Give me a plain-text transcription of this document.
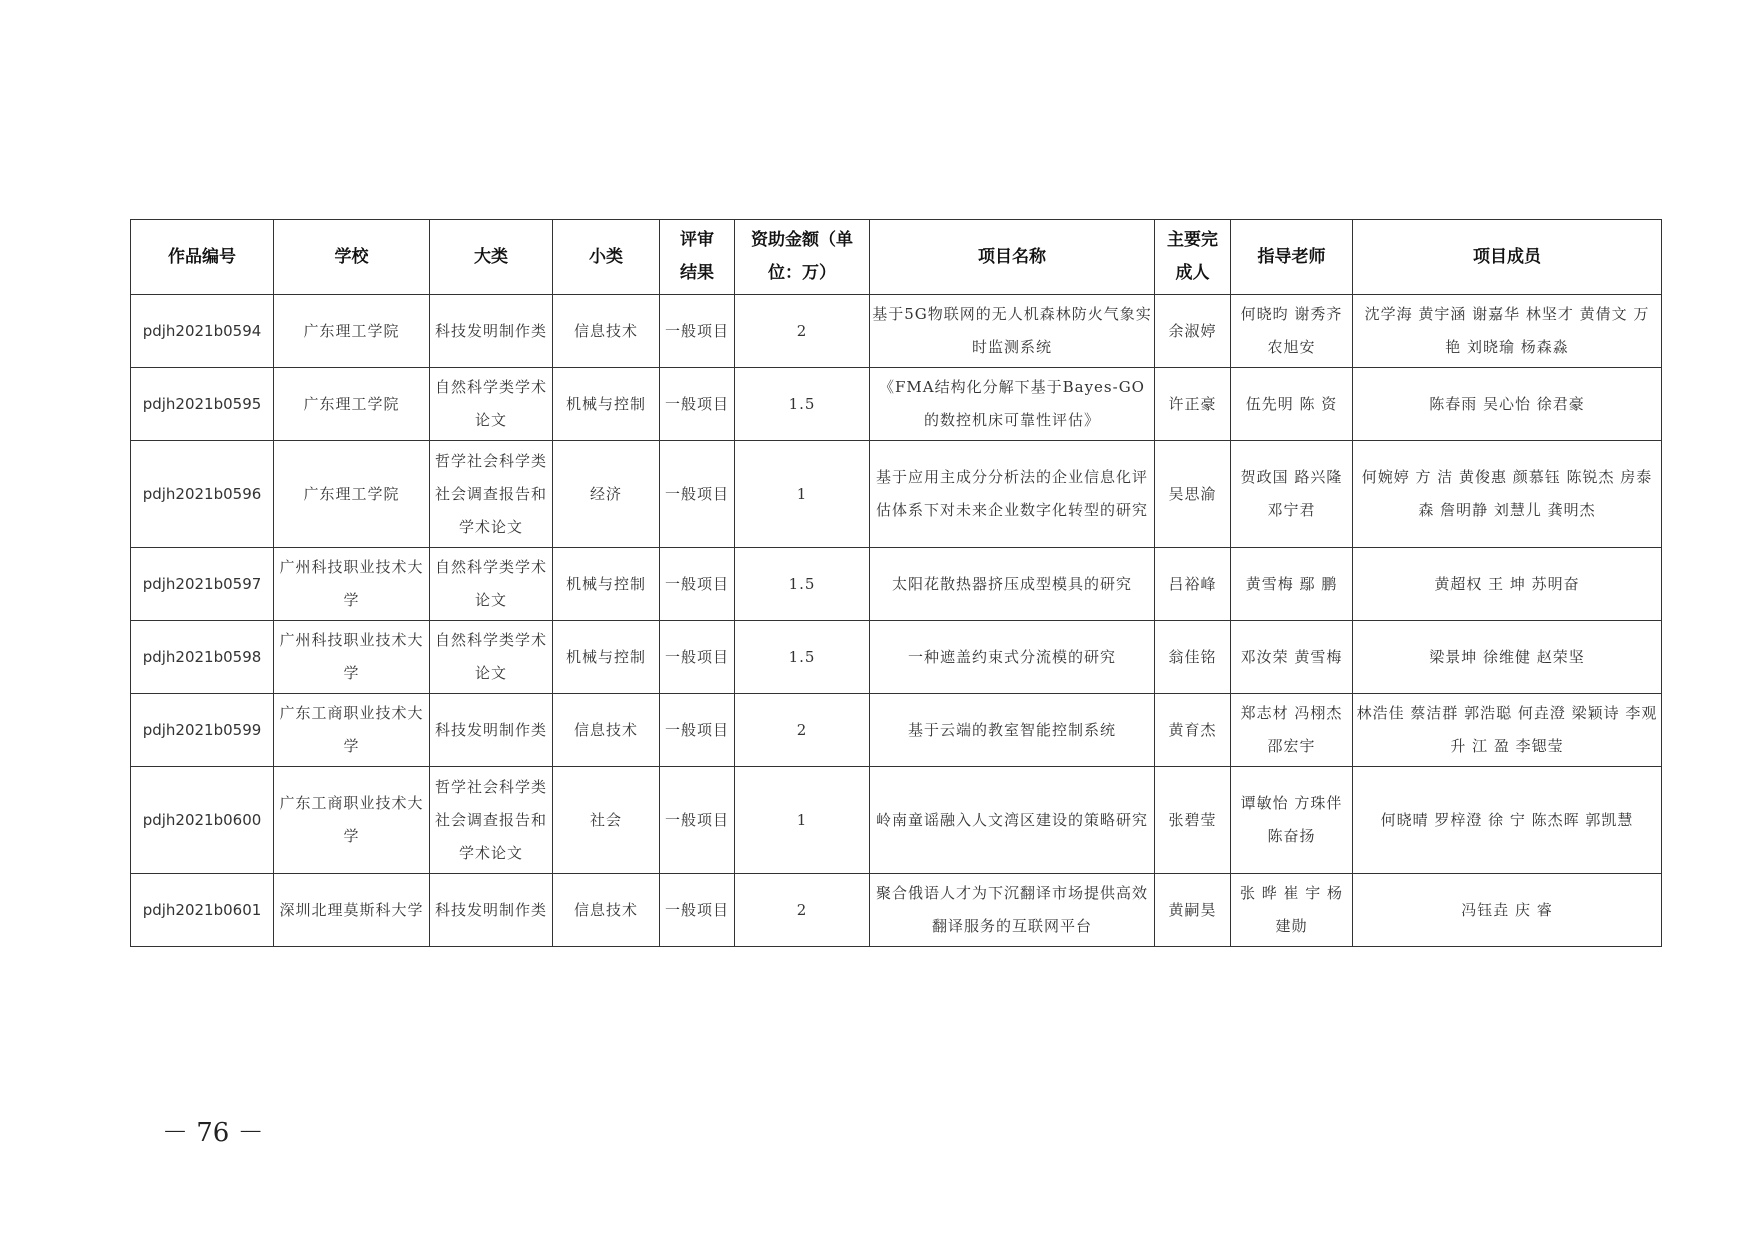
作品编号	学校	大类	小类	评审结果	资助金额（单位：万）	项目名称	主要完成人	指导老师	项目成员
pdjh2021b0594	广东理工学院	科技发明制作类	信息技术	一般项目	2	基于5G物联网的无人机森林防火气象实时监测系统	余淑婷	何晓昀 谢秀齐 农旭安	沈学海 黄宇涵 谢嘉华 林坚才 黄倩文 万 艳 刘晓瑜 杨森淼
pdjh2021b0595	广东理工学院	自然科学类学术论文	机械与控制	一般项目	1.5	《FMA结构化分解下基于Bayes-GO的数控机床可靠性评估》	许正豪	伍先明 陈 资	陈春雨 吴心怡 徐君豪
pdjh2021b0596	广东理工学院	哲学社会科学类社会调查报告和学术论文	经济	一般项目	1	基于应用主成分分析法的企业信息化评估体系下对未来企业数字化转型的研究	吴思渝	贺政国 路兴隆 邓宁君	何婉婷 方 洁 黄俊惠 颜慕钰 陈锐杰 房泰森 詹明静 刘慧儿 龚明杰
pdjh2021b0597	广州科技职业技术大学	自然科学类学术论文	机械与控制	一般项目	1.5	太阳花散热器挤压成型模具的研究	吕裕峰	黄雪梅 鄢 鹏	黄超权 王 坤 苏明奋
pdjh2021b0598	广州科技职业技术大学	自然科学类学术论文	机械与控制	一般项目	1.5	一种遮盖约束式分流模的研究	翁佳铭	邓汝荣 黄雪梅	梁景坤 徐维健 赵荣坚
pdjh2021b0599	广东工商职业技术大学	科技发明制作类	信息技术	一般项目	2	基于云端的教室智能控制系统	黄育杰	郑志材 冯栩杰 邵宏宇	林浩佳 蔡洁群 郭浩聪 何垚澄 梁颖诗 李观升 江 盈 李锶莹
pdjh2021b0600	广东工商职业技术大学	哲学社会科学类社会调查报告和学术论文	社会	一般项目	1	岭南童谣融入人文湾区建设的策略研究	张碧莹	谭敏怡 方珠伴 陈奋扬	何晓晴 罗梓澄 徐 宁 陈杰晖 郭凯慧
pdjh2021b0601	深圳北理莫斯科大学	科技发明制作类	信息技术	一般项目	2	聚合俄语人才为下沉翻译市场提供高效翻译服务的互联网平台	黄嗣昊	张 晔 崔 宇 杨建勋	冯钰垚 庆 睿
－ 76 －
